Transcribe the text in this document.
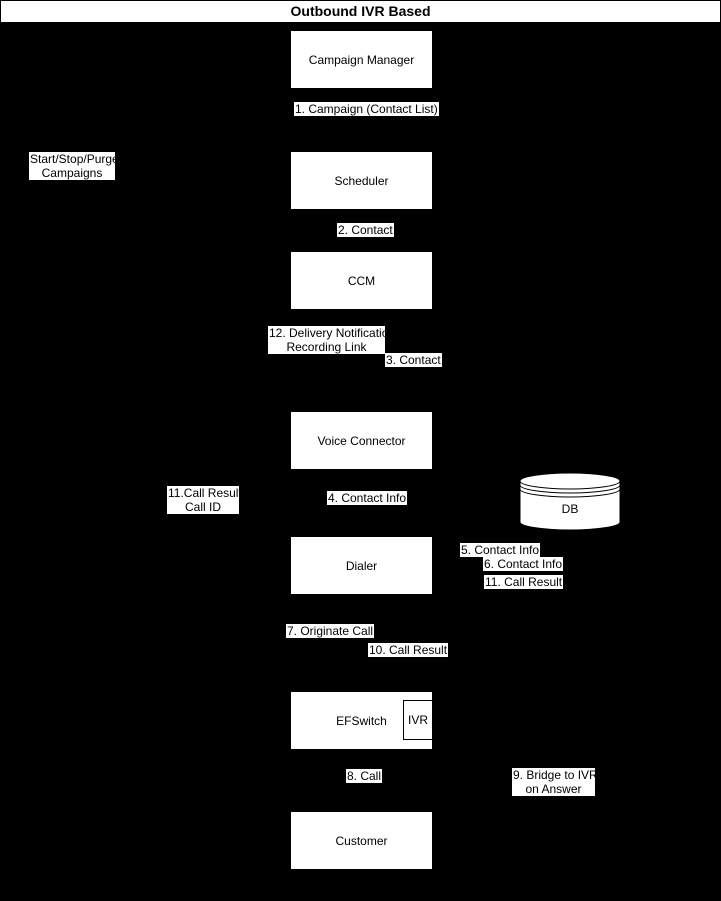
Outbound IVR Based
Campaign Manager
Scheduler
CCM
Voice Connector
Dialer
EFSwitch	IVR
Customer
DB
1. Campaign (Contact List)
Start/Stop/Purge
Campaigns
2. Contact
12. Delivery Notification
Recording Link
3. Contact
11.Call Result
Call ID
4. Contact Info
5. Contact Info
6. Contact Info
11. Call Result
7. Originate Call
10. Call Result
8. Call	9. Bridge to IVR
on Answer
